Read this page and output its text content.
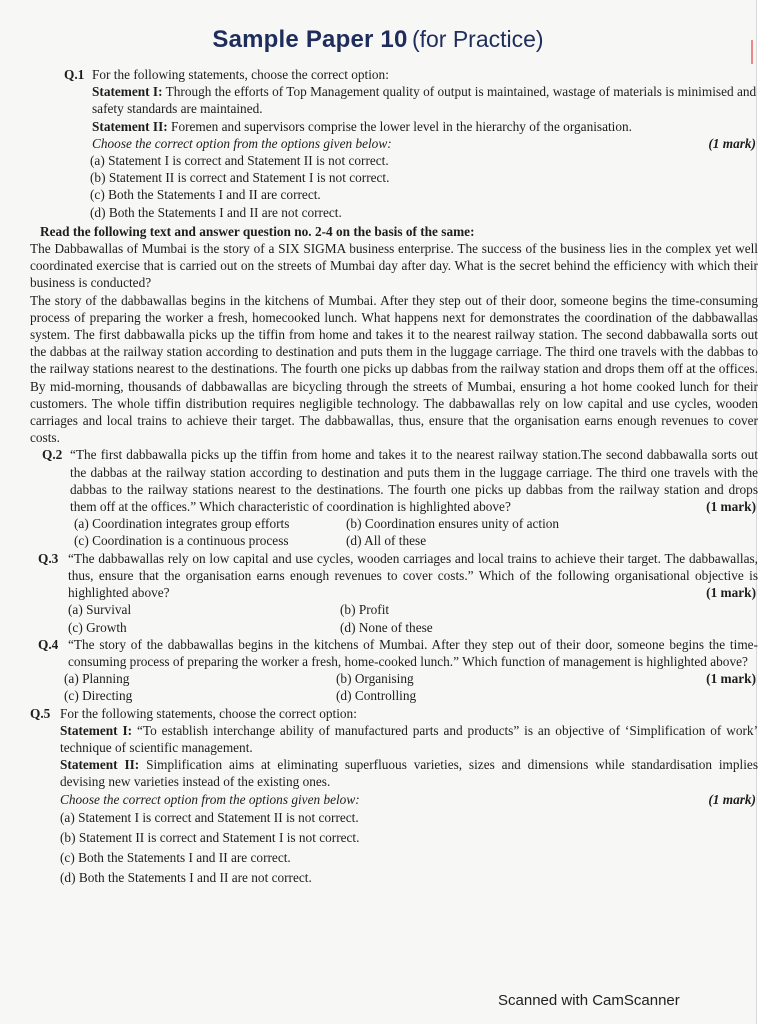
Sample Paper 10 (for Practice)
Q.1 For the following statements, choose the correct option:

Statement I: Through the efforts of Top Management quality of output is maintained, wastage of materials is minimised and safety standards are maintained.

Statement II: Foremen and supervisors comprise the lower level in the hierarchy of the organisation.

Choose the correct option from the options given below:	(1 mark)

(a) Statement I is correct and Statement II is not correct.

(b) Statement II is correct and Statement I is not correct.

(c) Both the Statements I and II are correct.

(d) Both the Statements I and II are not correct.

Read the following text and answer question no. 2-4 on the basis of the same:

The Dabbawallas of Mumbai is the story of a SIX SIGMA business enterprise. The success of the business lies in the complex yet well coordinated exercise that is carried out on the streets of Mumbai day after day. What is the secret behind the efficiency with which their business is conducted?

The story of the dabbawallas begins in the kitchens of Mumbai. After they step out of their door, someone begins the time-consuming process of preparing the worker a fresh, homecooked lunch. What happens next for demonstrates the coordination of the dabbawallas system. The first dabbawalla picks up the tiffin from home and takes it to the nearest railway station. The second dabbawalla sorts out the dabbas at the railway station according to destination and puts them in the luggage carriage. The third one travels with the dabbas to the railway stations nearest to the destinations. The fourth one picks up dabbas from the railway station and drops them off at the offices. By mid-morning, thousands of dabbawallas are bicycling through the streets of Mumbai, ensuring a hot home cooked lunch for their customers. The whole tiffin distribution requires negligible technology. The dabbawallas rely on low capital and use cycles, wooden carriages and local trains to achieve their target. The dabbawallas, thus, ensure that the organisation earns enough revenues to cover costs.

Q.2 “The first dabbawalla picks up the tiffin from home and takes it to the nearest railway station.The second dabbawalla sorts out the dabbas at the railway station according to destination and puts them in the luggage carriage. The third one travels with the dabbas to the railway stations nearest to the destinations. The fourth one picks up dabbas from the railway station and drops them off at the offices.” Which characteristic of coordination is highlighted above?	(1 mark)

(a) Coordination integrates group efforts	(b) Coordination ensures unity of action
(c) Coordination is a continuous process	(d) All of these
Q.3 “The dabbawallas rely on low capital and use cycles, wooden carriages and local trains to achieve their target. The dabbawallas, thus, ensure that the organisation earns enough revenues to cover costs.” Which of the following organisational objective is highlighted above?	(1 mark)

(a) Survival	(b) Profit
(c) Growth	(d) None of these
Q.4 “The story of the dabbawallas begins in the kitchens of Mumbai. After they step out of their door, someone begins the time-consuming process of preparing the worker a fresh, home-cooked lunch.” Which function of management is highlighted above?
(1 mark)

(a) Planning	(b) Organising
(c) Directing	(d) Controlling
Q.5 For the following statements, choose the correct option:

Statement I: “To establish interchange ability of manufactured parts and products” is an objective of ‘Simplification of work’ technique of scientific management.

Statement II: Simplification aims at eliminating superfluous varieties, sizes and dimensions while standardisation implies devising new varieties instead of the existing ones.

Choose the correct option from the options given below:	(1 mark)

(a) Statement I is correct and Statement II is not correct.

(b) Statement II is correct and Statement I is not correct.

(c) Both the Statements I and II are correct.

(d) Both the Statements I and II are not correct.

Scanned with CamScanner
